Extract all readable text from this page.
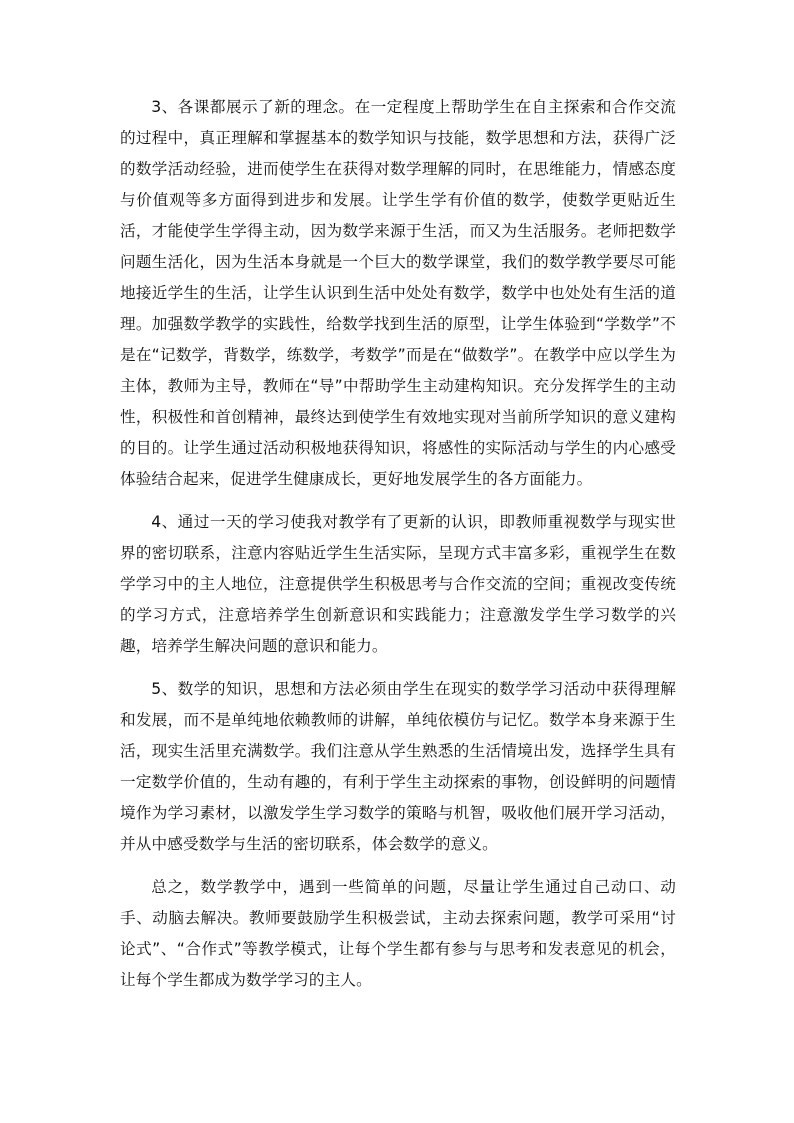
3、各课都展示了新的理念。在一定程度上帮助学生在自主探索和合作交流的过程中，真正理解和掌握基本的数学知识与技能，数学思想和方法，获得广泛的数学活动经验，进而使学生在获得对数学理解的同时，在思维能力，情感态度与价值观等多方面得到进步和发展。让学生学有价值的数学，使数学更贴近生活，才能使学生学得主动，因为数学来源于生活，而又为生活服务。老师把数学问题生活化，因为生活本身就是一个巨大的数学课堂，我们的数学教学要尽可能地接近学生的生活，让学生认识到生活中处处有数学，数学中也处处有生活的道理。加强数学教学的实践性，给数学找到生活的原型，让学生体验到“学数学”不是在“记数学，背数学，练数学，考数学”而是在“做数学”。在教学中应以学生为主体，教师为主导，教师在“导”中帮助学生主动建构知识。充分发挥学生的主动性，积极性和首创精神，最终达到使学生有效地实现对当前所学知识的意义建构的目的。让学生通过活动积极地获得知识，将感性的实际活动与学生的内心感受体验结合起来，促进学生健康成长，更好地发展学生的各方面能力。

4、通过一天的学习使我对教学有了更新的认识，即教师重视数学与现实世界的密切联系，注意内容贴近学生生活实际，呈现方式丰富多彩，重视学生在数学学习中的主人地位，注意提供学生积极思考与合作交流的空间；重视改变传统的学习方式，注意培养学生创新意识和实践能力；注意激发学生学习数学的兴趣，培养学生解决问题的意识和能力。

5、数学的知识，思想和方法必须由学生在现实的数学学习活动中获得理解和发展，而不是单纯地依赖教师的讲解，单纯依模仿与记忆。数学本身来源于生活，现实生活里充满数学。我们注意从学生熟悉的生活情境出发，选择学生具有一定数学价值的，生动有趣的，有利于学生主动探索的事物，创设鲜明的问题情境作为学习素材，以激发学生学习数学的策略与机智，吸收他们展开学习活动，并从中感受数学与生活的密切联系，体会数学的意义。

总之，数学教学中，遇到一些简单的问题，尽量让学生通过自己动口、动手、动脑去解决。教师要鼓励学生积极尝试，主动去探索问题，教学可采用“讨论式”、“合作式”等教学模式，让每个学生都有参与与思考和发表意见的机会，让每个学生都成为数学学习的主人。
